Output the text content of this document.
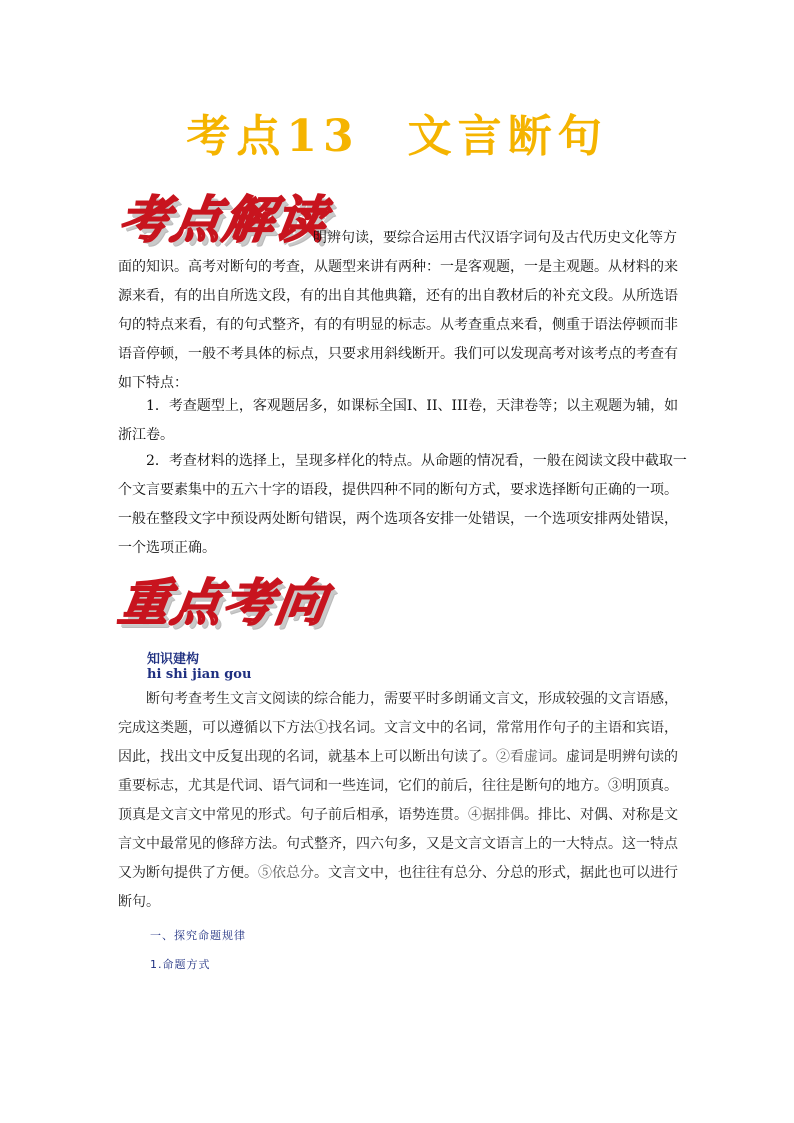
考点13 文言断句
考点解读

明辨句读，要综合运用古代汉语字词句及古代历史文化等方面的知识。高考对断句的考查，从题型来讲有两种：一是客观题，一是主观题。从材料的来源来看，有的出自所选文段，有的出自其他典籍，还有的出自教材后的补充文段。从所选语句的特点来看，有的句式整齐，有的有明显的标志。从考查重点来看，侧重于语法停顿而非语音停顿，一般不考具体的标点，只要求用斜线断开。我们可以发现高考对该考点的考查有如下特点：

1．考查题型上，客观题居多，如课标全国I、II、III卷，天津卷等；以主观题为辅，如浙江卷。

2．考查材料的选择上，呈现多样化的特点。从命题的情况看，一般在阅读文段中截取一个文言要素集中的五六十字的语段，提供四种不同的断句方式，要求选择断句正确的一项。一般在整段文字中预设两处断句错误，两个选项各安排一处错误，一个选项安排两处错误，一个选项正确。

重点考向

知识建构

hi shi jian gou

断句考查考生文言文阅读的综合能力，需要平时多朗诵文言文，形成较强的文言语感，完成这类题，可以遵循以下方法①找名词。文言文中的名词，常常用作句子的主语和宾语，因此，找出文中反复出现的名词，就基本上可以断出句读了。②看虚词。虚词是明辨句读的重要标志，尤其是代词、语气词和一些连词，它们的前后，往往是断句的地方。③明顶真。顶真是文言文中常见的形式。句子前后相承，语势连贯。④据排偶。排比、对偶、对称是文言文中最常见的修辞方法。句式整齐，四六句多，又是文言文语言上的一大特点。这一特点又为断句提供了方便。⑤依总分。文言文中，也往往有总分、分总的形式，据此也可以进行断句。

一、探究命题规律

1.命题方式
